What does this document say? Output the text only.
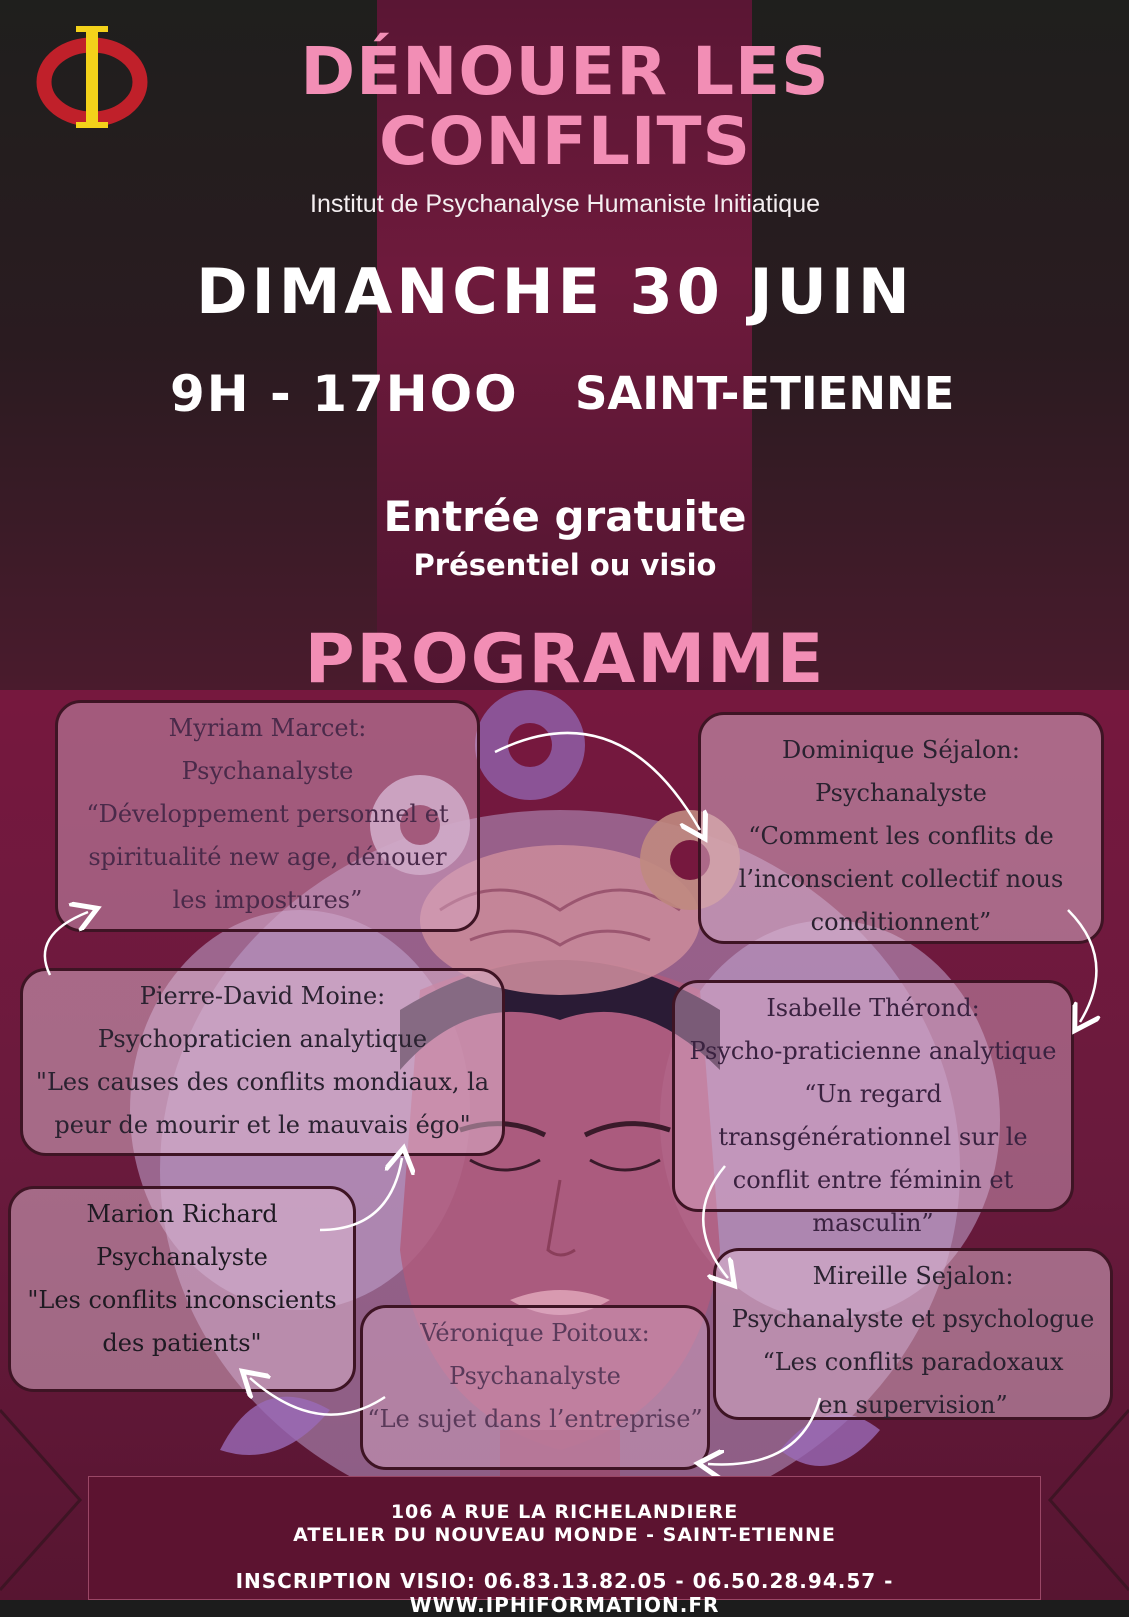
DÉNOUER LES
CONFLITS
Institut de Psychanalyse Humaniste Initiatique
DIMANCHE 30 JUIN
9H - 17HOO SAINT-ETIENNE
Entrée gratuite
Présentiel ou visio
PROGRAMME
Myriam Marcet:
Psychanalyste
“Développement personnel et spiritualité new age, dénouer les impostures”
Dominique Séjalon:
Psychanalyste
“Comment les conflits de l’inconscient collectif nous conditionnent”
Pierre-David Moine:
Psychopraticien analytique
"Les causes des conflits mondiaux, la peur de mourir et le mauvais égo"
Isabelle Thérond:
Psycho-praticienne analytique
“Un regard transgénérationnel sur le conflit entre féminin et masculin”
Marion Richard
Psychanalyste
"Les conflits inconscients des patients"
Mireille Sejalon:
Psychanalyste et psychologue
“Les conflits paradoxaux en supervision”
Véronique Poitoux:
Psychanalyste
“Le sujet dans l’entreprise”
106 A RUE LA RICHELANDIERE
ATELIER DU NOUVEAU MONDE - SAINT-ETIENNE
INSCRIPTION VISIO: 06.83.13.82.05 - 06.50.28.94.57 - WWW.IPHIFORMATION.FR
